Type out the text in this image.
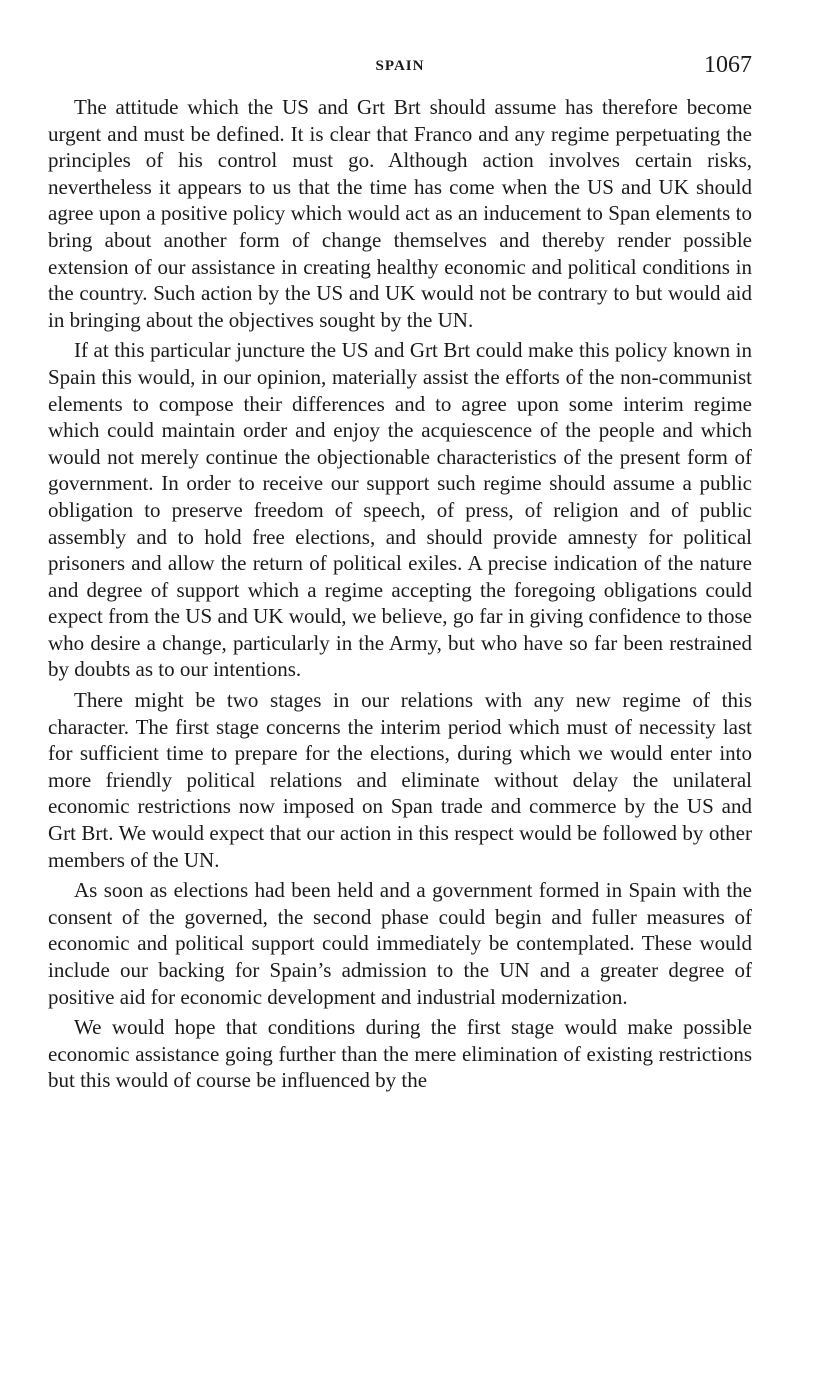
SPAIN	1067

The attitude which the US and Grt Brt should assume has therefore become urgent and must be defined. It is clear that Franco and any regime perpetuating the principles of his control must go. Although action involves certain risks, nevertheless it appears to us that the time has come when the US and UK should agree upon a positive policy which would act as an inducement to Span elements to bring about another form of change themselves and thereby render possible extension of our assistance in creating healthy economic and political conditions in the country. Such action by the US and UK would not be contrary to but would aid in bringing about the objectives sought by the UN.

If at this particular juncture the US and Grt Brt could make this policy known in Spain this would, in our opinion, materially assist the efforts of the non-communist elements to compose their differences and to agree upon some interim regime which could maintain order and enjoy the acquiescence of the people and which would not merely continue the objectionable characteristics of the present form of government. In order to receive our support such regime should assume a public obligation to preserve freedom of speech, of press, of religion and of public assembly and to hold free elections, and should provide amnesty for political prisoners and allow the return of political exiles. A precise indication of the nature and degree of support which a regime accepting the foregoing obligations could expect from the US and UK would, we believe, go far in giving confidence to those who desire a change, particularly in the Army, but who have so far been restrained by doubts as to our intentions.

There might be two stages in our relations with any new regime of this character. The first stage concerns the interim period which must of necessity last for sufficient time to prepare for the elections, during which we would enter into more friendly political relations and eliminate without delay the unilateral economic restrictions now imposed on Span trade and commerce by the US and Grt Brt. We would expect that our action in this respect would be followed by other members of the UN.

As soon as elections had been held and a government formed in Spain with the consent of the governed, the second phase could begin and fuller measures of economic and political support could immediately be contemplated. These would include our backing for Spain’s admission to the UN and a greater degree of positive aid for economic development and industrial modernization.

We would hope that conditions during the first stage would make possible economic assistance going further than the mere elimination of existing restrictions but this would of course be influenced by the
